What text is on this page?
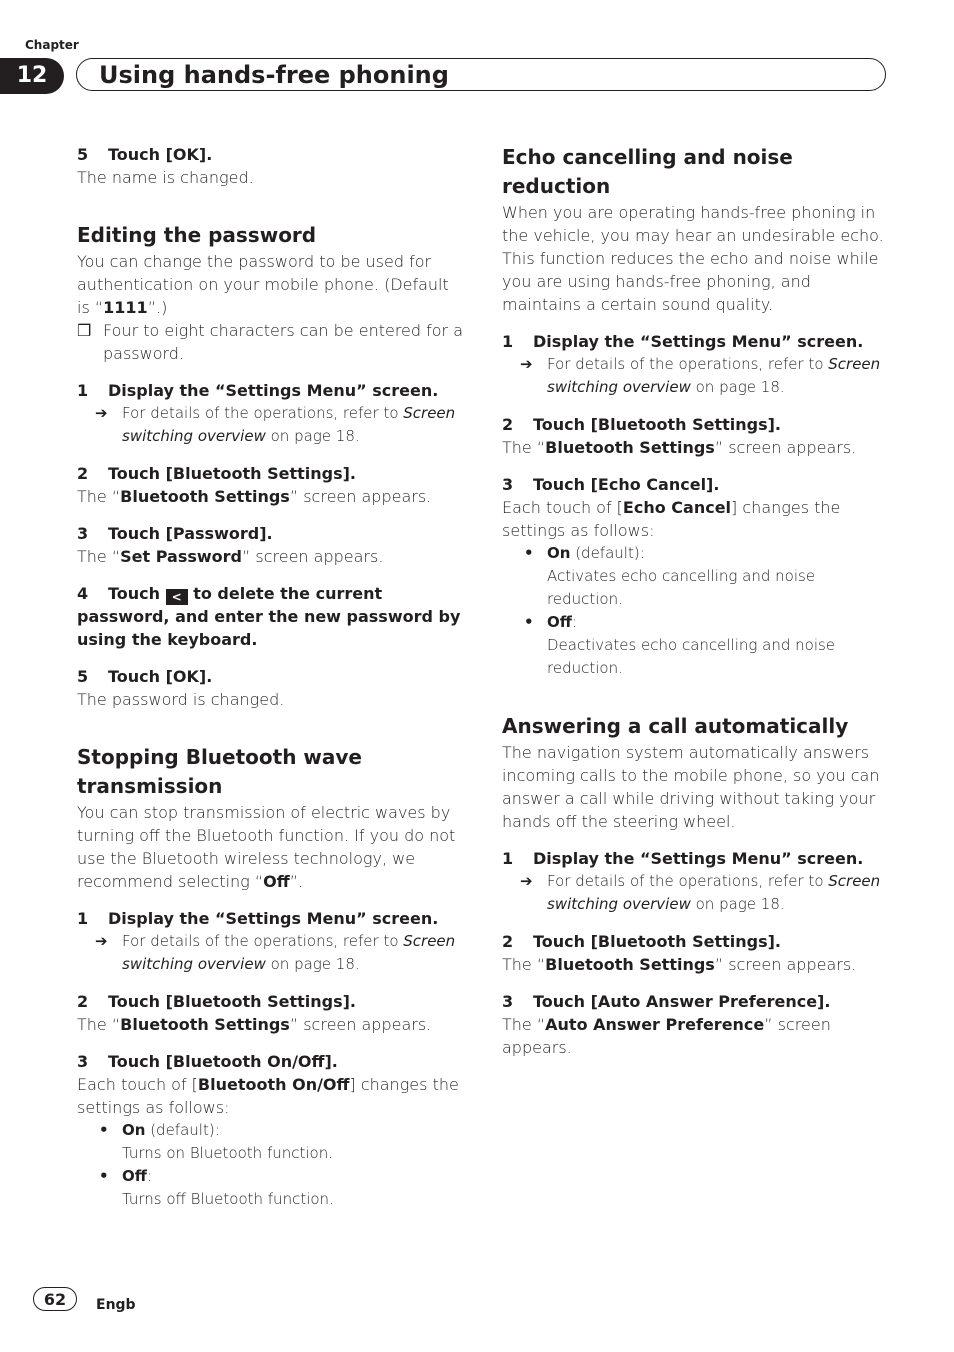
Chapter
12	Using hands-free phoning

5 Touch [OK].

The name is changed.

Editing the password

You can change the password to be used for authentication on your mobile phone. (Default is “1111”.)

❒ Four to eight characters can be entered for a password.

1 Display the “Settings Menu” screen.

➔ For details of the operations, refer to Screen switching overview on page 18.

2 Touch [Bluetooth Settings].

The “Bluetooth Settings” screen appears.

3 Touch [Password].

The “Set Password” screen appears.

4 Touch < to delete the current password, and enter the new password by using the keyboard.

5 Touch [OK].

The password is changed.

Stopping Bluetooth wave transmission

You can stop transmission of electric waves by turning off the Bluetooth function. If you do not use the Bluetooth wireless technology, we recommend selecting “Off”.

1 Display the “Settings Menu” screen.

➔ For details of the operations, refer to Screen switching overview on page 18.

2 Touch [Bluetooth Settings].

The “Bluetooth Settings” screen appears.

3 Touch [Bluetooth On/Off].

Each touch of [Bluetooth On/Off] changes the settings as follows:

• On (default):

Turns on Bluetooth function.

• Off:

Turns off Bluetooth function.

Echo cancelling and noise reduction

When you are operating hands-free phoning in the vehicle, you may hear an undesirable echo. This function reduces the echo and noise while you are using hands-free phoning, and maintains a certain sound quality.

1 Display the “Settings Menu” screen.

➔ For details of the operations, refer to Screen switching overview on page 18.

2 Touch [Bluetooth Settings].

The “Bluetooth Settings” screen appears.

3 Touch [Echo Cancel].

Each touch of [Echo Cancel] changes the settings as follows:

• On (default):

Activates echo cancelling and noise reduction.

• Off:

Deactivates echo cancelling and noise reduction.

Answering a call automatically

The navigation system automatically answers incoming calls to the mobile phone, so you can answer a call while driving without taking your hands off the steering wheel.

1 Display the “Settings Menu” screen.

➔ For details of the operations, refer to Screen switching overview on page 18.

2 Touch [Bluetooth Settings].

The “Bluetooth Settings” screen appears.

3 Touch [Auto Answer Preference].

The “Auto Answer Preference” screen appears.

62	Engb
